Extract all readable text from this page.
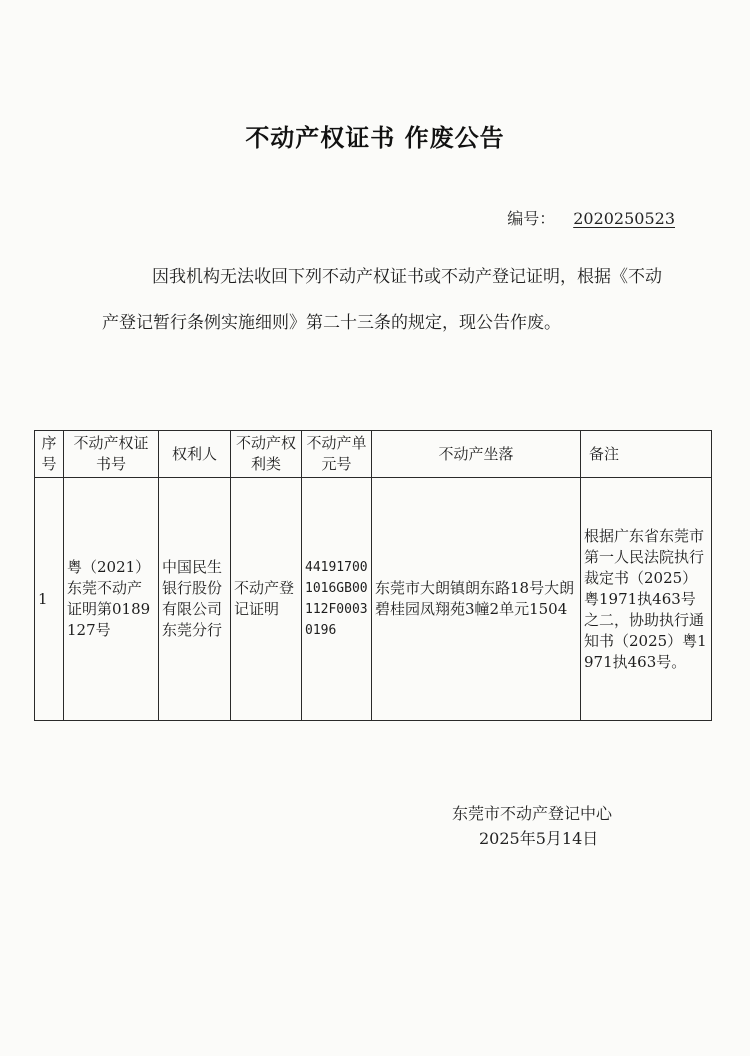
不动产权证书 作废公告
编号： 2020250523
因我机构无法收回下列不动产权证书或不动产登记证明，根据《不动产登记暂行条例实施细则》第二十三条的规定，现公告作废。
序号	不动产权证书号	权利人	不动产权利类	不动产单元号	不动产坐落	备注
1	粤（2021）东莞不动产证明第0189127号	中国民生银行股份有限公司东莞分行	不动产登记证明	441917001016GB00112F00030196	东莞市大朗镇朗东路18号大朗碧桂园凤翔苑3幢2单元1504	根据广东省东莞市第一人民法院执行裁定书（2025）粤1971执463号之二，协助执行通知书（2025）粤1971执463号。
东莞市不动产登记中心
2025年5月14日
